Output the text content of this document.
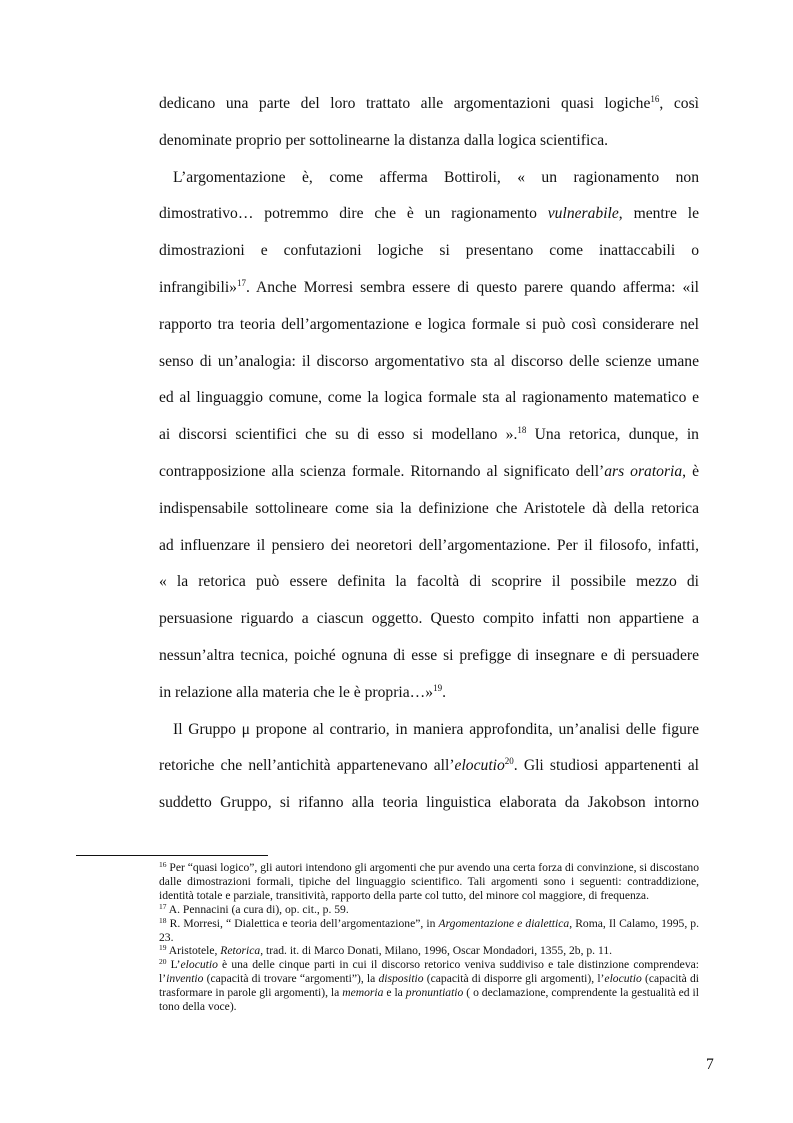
dedicano una parte del loro trattato alle argomentazioni quasi logiche$^{16}$, così
denominate proprio per sottolinearne la distanza dalla logica scientifica.
L’argomentazione è, come afferma Bottiroli, « un ragionamento non
dimostrativo… potremmo dire che è un ragionamento vulnerabile, mentre le
dimostrazioni e confutazioni logiche si presentano come inattaccabili o
infrangibili»$^{17}$. Anche Morresi sembra essere di questo parere quando afferma: «il
rapporto tra teoria dell’argomentazione e logica formale si può così considerare nel
senso di un’analogia: il discorso argomentativo sta al discorso delle scienze umane
ed al linguaggio comune, come la logica formale sta al ragionamento matematico e
ai discorsi scientifici che su di esso si modellano ».$^{18}$ Una retorica, dunque, in
contrapposizione alla scienza formale. Ritornando al significato dell’ars oratoria, è
indispensabile sottolineare come sia la definizione che Aristotele dà della retorica
ad influenzare il pensiero dei neoretori dell’argomentazione. Per il filosofo, infatti,
« la retorica può essere definita la facoltà di scoprire il possibile mezzo di
persuasione riguardo a ciascun oggetto. Questo compito infatti non appartiene a
nessun’altra tecnica, poiché ognuna di esse si prefigge di insegnare e di persuadere
in relazione alla materia che le è propria…»$^{19}$.
Il Gruppo μ propone al contrario, in maniera approfondita, un’analisi delle figure
retoriche che nell’antichità appartenevano all’elocutio$^{20}$. Gli studiosi appartenenti al
suddetto Gruppo, si rifanno alla teoria linguistica elaborata da Jakobson intorno

$^{16}$ Per “quasi logico”, gli autori intendono gli argomenti che pur avendo una certa forza di convinzione, si discostano dalle dimostrazioni formali, tipiche del linguaggio scientifico. Tali argomenti sono i seguenti: contraddizione, identità totale e parziale, transitività, rapporto della parte col tutto, del minore col maggiore, di frequenza.

$^{17}$ A. Pennacini (a cura di), op. cit., p. 59.

$^{18}$ R. Morresi, “ Dialettica e teoria dell’argomentazione”, in Argomentazione e dialettica, Roma, Il Calamo, 1995, p. 23.

$^{19}$ Aristotele, Retorica, trad. it. di Marco Donati, Milano, 1996, Oscar Mondadori, 1355, 2b, p. 11.

$^{20}$ L’elocutio è una delle cinque parti in cui il discorso retorico veniva suddiviso e tale distinzione comprendeva: l’inventio (capacità di trovare “argomenti”), la dispositio (capacità di disporre gli argomenti), l’elocutio (capacità di trasformare in parole gli argomenti), la memoria e la pronuntiatio ( o declamazione, comprendente la gestualità ed il tono della voce).

7
